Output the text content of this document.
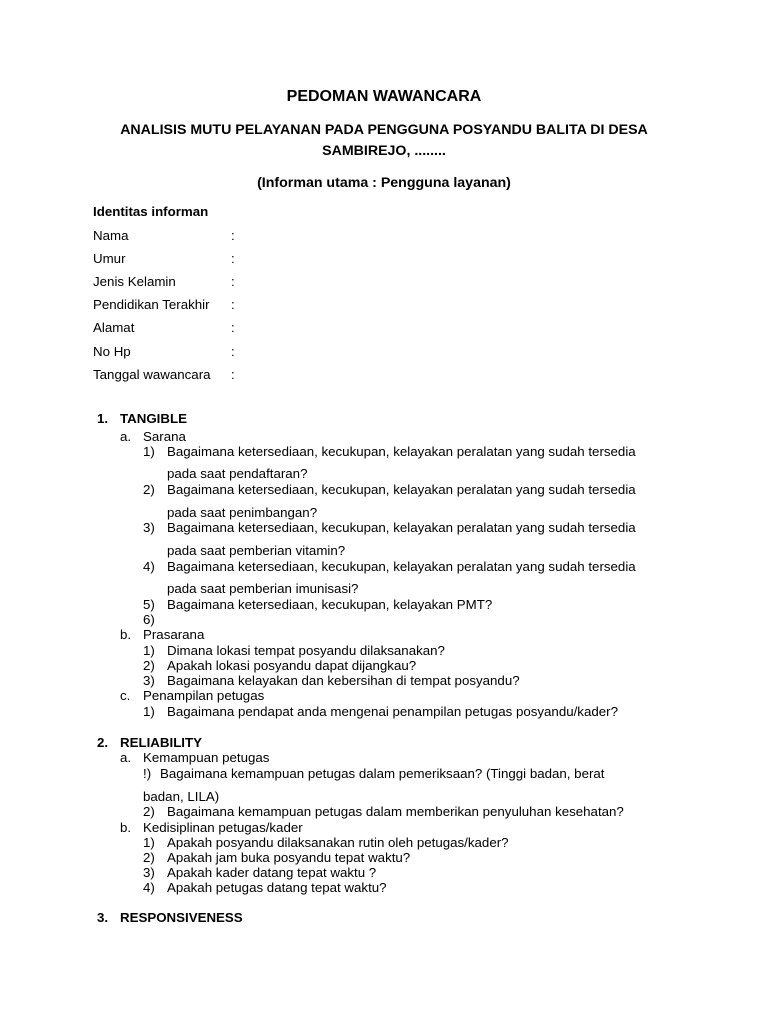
PEDOMAN WAWANCARA
ANALISIS MUTU PELAYANAN PADA PENGGUNA POSYANDU BALITA DI DESA
SAMBIREJO, ........
(Informan utama : Pengguna layanan)
Identitas informan
Nama	:
Umur	:
Jenis Kelamin	:
Pendidikan Terakhir :
Alamat	:
No Hp	:
Tanggal wawancara :
1. TANGIBLE
a. Sarana
1) Bagaimana ketersediaan, kecukupan, kelayakan peralatan yang sudah tersedia
pada saat pendaftaran?
2) Bagaimana ketersediaan, kecukupan, kelayakan peralatan yang sudah tersedia
pada saat penimbangan?
3) Bagaimana ketersediaan, kecukupan, kelayakan peralatan yang sudah tersedia
pada saat pemberian vitamin?
4) Bagaimana ketersediaan, kecukupan, kelayakan peralatan yang sudah tersedia
pada saat pemberian imunisasi?
5) Bagaimana ketersediaan, kecukupan, kelayakan PMT?
6)
b. Prasarana
1) Dimana lokasi tempat posyandu dilaksanakan?
2) Apakah lokasi posyandu dapat dijangkau?
3) Bagaimana kelayakan dan kebersihan di tempat posyandu?
c. Penampilan petugas
1) Bagaimana pendapat anda mengenai penampilan petugas posyandu/kader?
2. RELIABILITY
a. Kemampuan petugas
!) Bagaimana kemampuan petugas dalam pemeriksaan? (Tinggi badan, berat
badan, LILA)
2) Bagaimana kemampuan petugas dalam memberikan penyuluhan kesehatan?
b. Kedisiplinan petugas/kader
1) Apakah posyandu dilaksanakan rutin oleh petugas/kader?
2) Apakah jam buka posyandu tepat waktu?
3) Apakah kader datang tepat waktu ?
4) Apakah petugas datang tepat waktu?
3. RESPONSIVENESS
